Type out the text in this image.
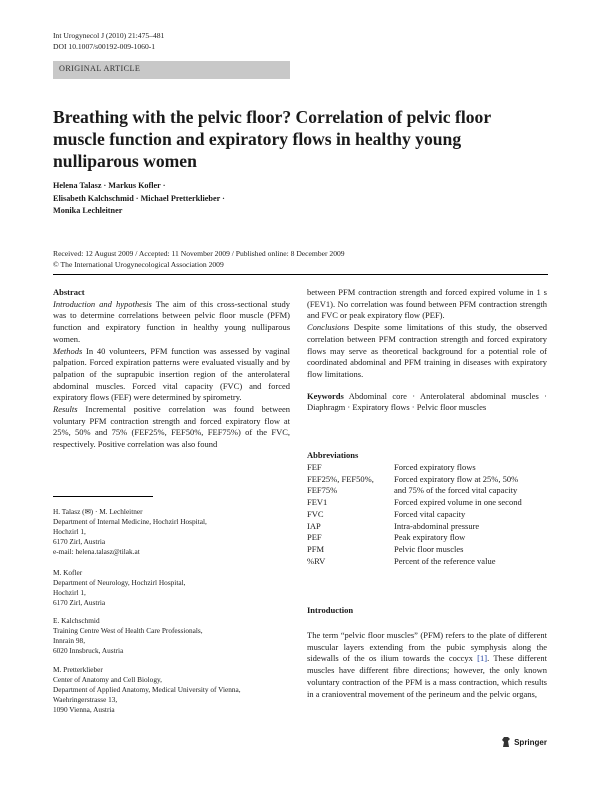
Int Urogynecol J (2010) 21:475–481
DOI 10.1007/s00192-009-1060-1
ORIGINAL ARTICLE
Breathing with the pelvic floor? Correlation of pelvic floor muscle function and expiratory flows in healthy young nulliparous women
Helena Talasz · Markus Kofler ·
Elisabeth Kalchschmid · Michael Pretterklieber ·
Monika Lechleitner
Received: 12 August 2009 / Accepted: 11 November 2009 / Published online: 8 December 2009
© The International Urogynecological Association 2009
Abstract

Introduction and hypothesis The aim of this cross-sectional study was to determine correlations between pelvic floor muscle (PFM) function and expiratory function in healthy young nulliparous women.

Methods In 40 volunteers, PFM function was assessed by vaginal palpation. Forced expiration patterns were evaluated visually and by palpation of the suprapubic insertion region of the anterolateral abdominal muscles. Forced vital capacity (FVC) and forced expiratory flows (FEF) were determined by spirometry.

Results Incremental positive correlation was found between voluntary PFM contraction strength and forced expiratory flow at 25%, 50% and 75% (FEF25%, FEF50%, FEF75%) of the FVC, respectively. Positive correlation was also found

H. Talasz (✉) · M. Lechleitner
Department of Internal Medicine, Hochzirl Hospital,
Hochzirl 1,
6170 Zirl, Austria
e-mail: helena.talasz@tilak.at
M. Kofler
Department of Neurology, Hochzirl Hospital,
Hochzirl 1,
6170 Zirl, Austria
E. Kalchschmid
Training Centre West of Health Care Professionals,
Innrain 98,
6020 Innsbruck, Austria
M. Pretterklieber
Center of Anatomy and Cell Biology,
Department of Applied Anatomy, Medical University of Vienna,
Waehringerstrasse 13,
1090 Vienna, Austria

between PFM contraction strength and forced expired volume in 1 s (FEV1). No correlation was found between PFM contraction strength and FVC or peak expiratory flow (PEF).

Conclusions Despite some limitations of this study, the observed correlation between PFM contraction strength and forced expiratory flows may serve as theoretical background for a potential role of coordinated abdominal and PFM training in diseases with expiratory flow limitations.

Keywords Abdominal core · Anterolateral abdominal muscles · Diaphragm · Expiratory flows · Pelvic floor muscles

Abbreviations
FEF	Forced expiratory flows
FEF25%, FEF50%,	Forced expiratory flow at 25%, 50%
FEF75%	and 75% of the forced vital capacity
FEV1	Forced expired volume in one second
FVC	Forced vital capacity
IAP	Intra-abdominal pressure
PEF	Peak expiratory flow
PFM	Pelvic floor muscles
%RV	Percent of the reference value
Introduction
The term “pelvic floor muscles” (PFM) refers to the plate of different muscular layers extending from the pubic symphysis along the sidewalls of the os ilium towards the coccyx [1]. These different muscles have different fibre directions; however, the only known voluntary contraction of the PFM is a mass contraction, which results in a cranioventral movement of the perineum and the pelvic organs,
Springer
